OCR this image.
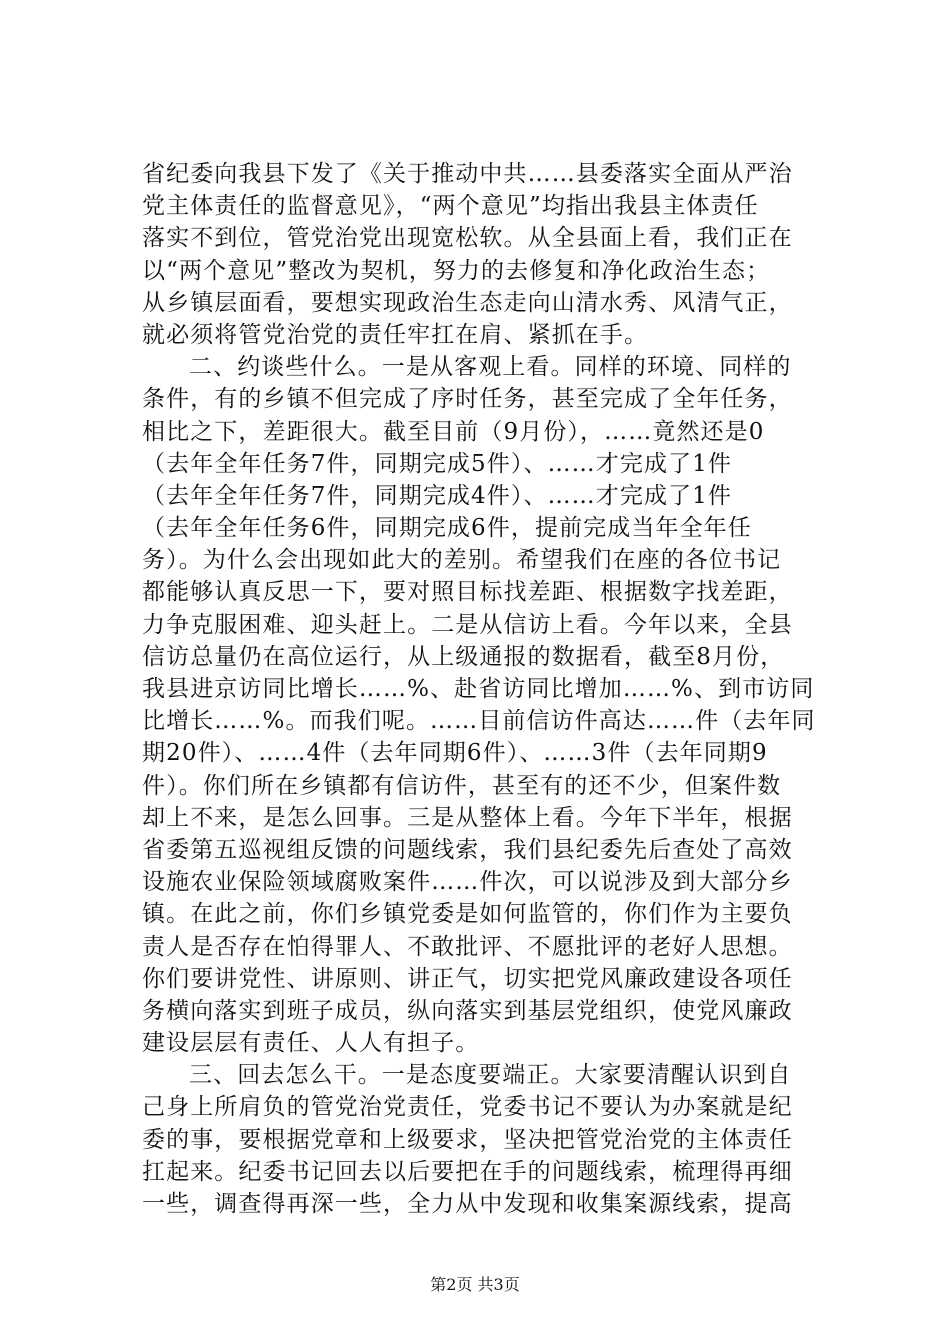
省纪委向我县下发了《关于推动中共……县委落实全面从严治
党主体责任的监督意见》，“两个意见”均指出我县主体责任
落实不到位，管党治党出现宽松软。从全县面上看，我们正在
以“两个意见”整改为契机，努力的去修复和净化政治生态；
从乡镇层面看，要想实现政治生态走向山清水秀、风清气正，
就必须将管党治党的责任牢扛在肩、紧抓在手。
二、约谈些什么。一是从客观上看。同样的环境、同样的
条件，有的乡镇不但完成了序时任务，甚至完成了全年任务，
相比之下，差距很大。截至目前（9月份），……竟然还是0
（去年全年任务7件，同期完成5件）、……才完成了1件
（去年全年任务7件，同期完成4件）、……才完成了1件
（去年全年任务6件，同期完成6件，提前完成当年全年任
务）。为什么会出现如此大的差别。希望我们在座的各位书记
都能够认真反思一下，要对照目标找差距、根据数字找差距，
力争克服困难、迎头赶上。二是从信访上看。今年以来，全县
信访总量仍在高位运行，从上级通报的数据看，截至8月份，
我县进京访同比增长……%、赴省访同比增加……%、到市访同
比增长……%。而我们呢。……目前信访件高达……件（去年同
期20件）、……4件（去年同期6件）、……3件（去年同期9
件）。你们所在乡镇都有信访件，甚至有的还不少，但案件数
却上不来，是怎么回事。三是从整体上看。今年下半年，根据
省委第五巡视组反馈的问题线索，我们县纪委先后查处了高效
设施农业保险领域腐败案件……件次，可以说涉及到大部分乡
镇。在此之前，你们乡镇党委是如何监管的，你们作为主要负
责人是否存在怕得罪人、不敢批评、不愿批评的老好人思想。
你们要讲党性、讲原则、讲正气，切实把党风廉政建设各项任
务横向落实到班子成员，纵向落实到基层党组织，使党风廉政
建设层层有责任、人人有担子。
三、回去怎么干。一是态度要端正。大家要清醒认识到自
己身上所肩负的管党治党责任，党委书记不要认为办案就是纪
委的事，要根据党章和上级要求，坚决把管党治党的主体责任
扛起来。纪委书记回去以后要把在手的问题线索，梳理得再细
一些，调查得再深一些，全力从中发现和收集案源线索，提高
第2页 共3页
